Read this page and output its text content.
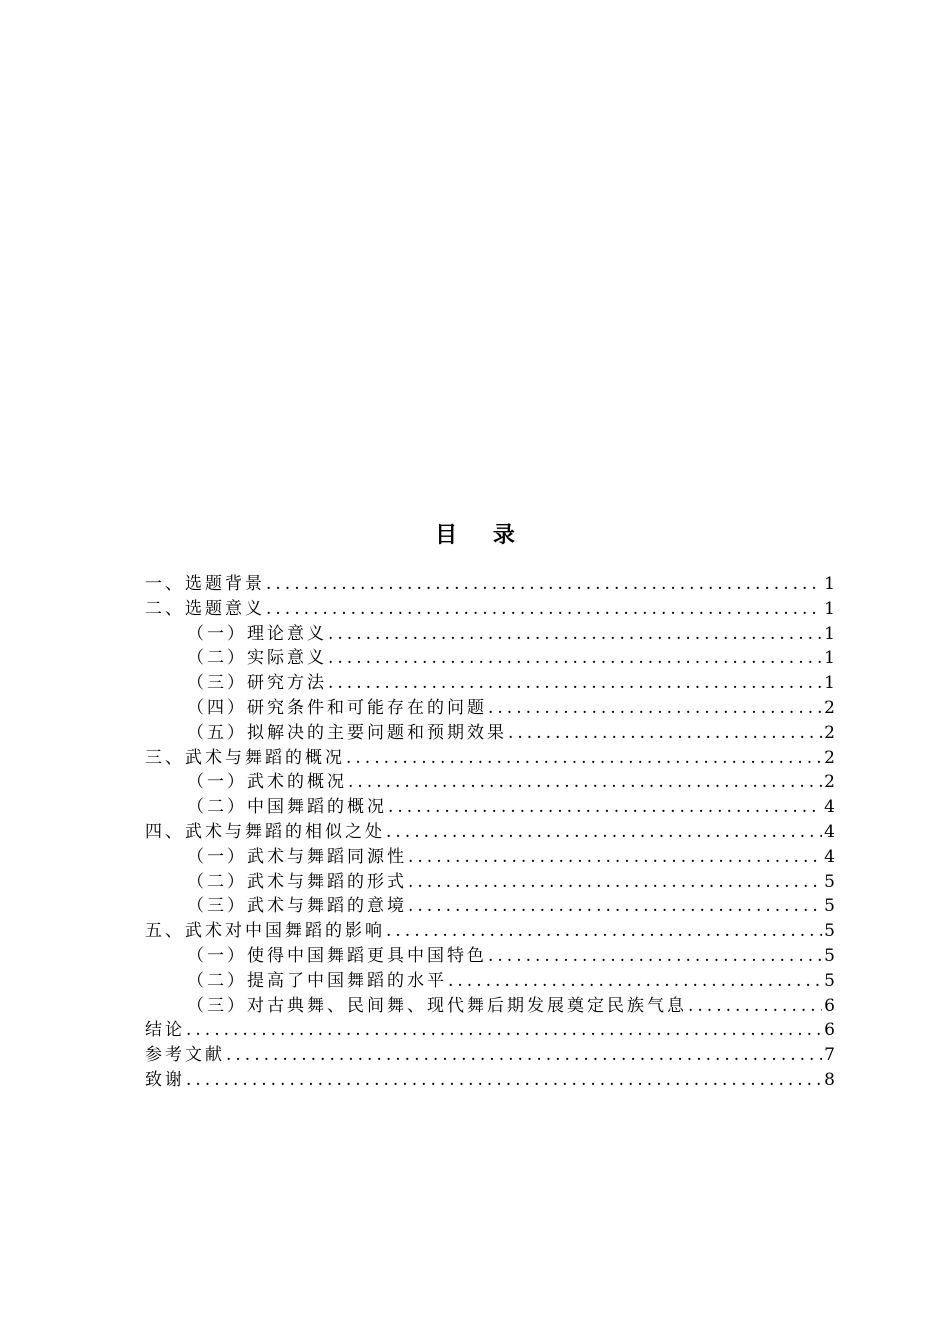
目 录
一、选题背景 .....	1
二、选题意义 .....	1
（一）理论意义 .....	1
（二）实际意义 .....	1
（三）研究方法 .....	1
（四）研究条件和可能存在的问题 .....	2
（五）拟解决的主要问题和预期效果 .....	2
三、武术与舞蹈的概况 .....	2
（一）武术的概况 .....	2
（二）中国舞蹈的概况 .....	4
四、武术与舞蹈的相似之处 .....	4
（一）武术与舞蹈同源性 .....	4
（二）武术与舞蹈的形式 .....	5
（三）武术与舞蹈的意境 .....	5
五、武术对中国舞蹈的影响 .....	5
（一）使得中国舞蹈更具中国特色 .....	5
（二）提高了中国舞蹈的水平 .....	5
（三）对古典舞、民间舞、现代舞后期发展奠定民族气息 .....	6
结论 .....	6
参考文献 .....	7
致谢 .....	8
